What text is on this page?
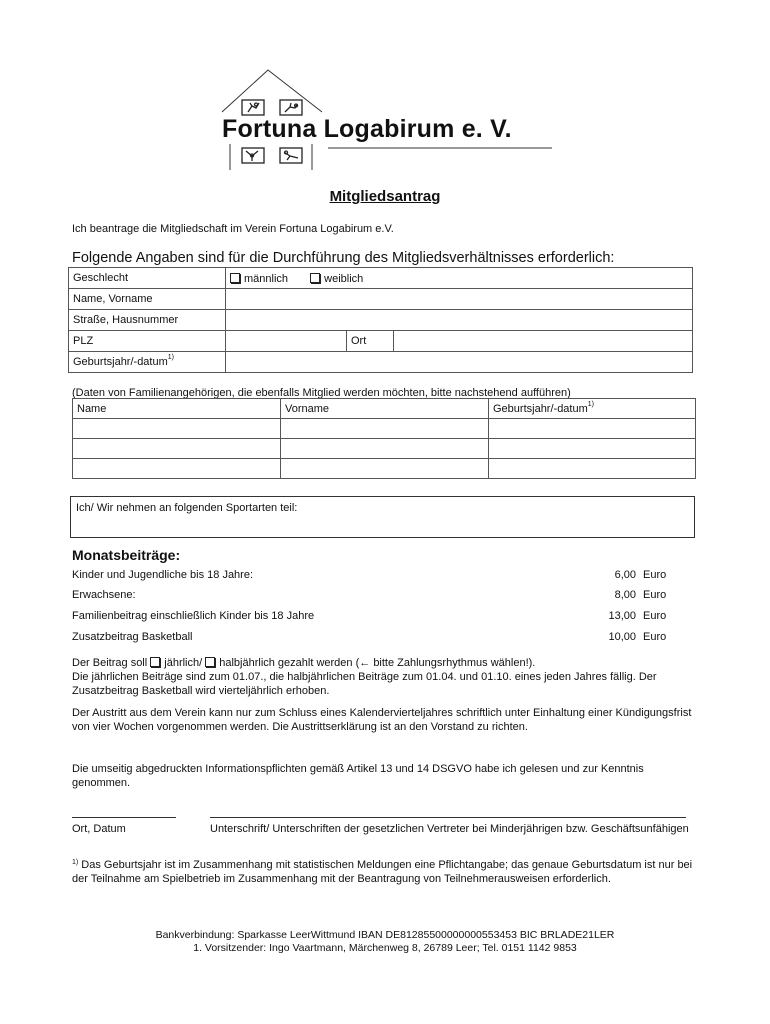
Fortuna Logabirum e. V.
Mitgliedsantrag
Ich beantrage die Mitgliedschaft im Verein Fortuna Logabirum e.V.
Folgende Angaben sind für die Durchführung des Mitgliedsverhältnisses erforderlich:
Geschlecht	männlich weiblich		
Name, Vorname			
Straße, Hausnummer			
PLZ		Ort	
Geburtsjahr/-datum$^{1)}$	
(Daten von Familienangehörigen, die ebenfalls Mitglied werden möchten, bitte nachstehend aufführen)
Name	Vorname	Geburtsjahr/-datum$^{1)}$

Ich/ Wir nehmen an folgenden Sportarten teil:
Monatsbeiträge:
Kinder und Jugendliche bis 18 Jahre:	6,00 Euro
Erwachsene:	8,00 Euro
Familienbeitrag einschließlich Kinder bis 18 Jahre	13,00 Euro
Zusatzbeitrag Basketball	10,00 Euro
Der Beitrag soll jährlich/ halbjährlich gezahlt werden (← bitte Zahlungsrhythmus wählen!).
Die jährlichen Beiträge sind zum 01.07., die halbjährlichen Beiträge zum 01.04. und 01.10. eines jeden Jahres fällig. Der Zusatzbeitrag Basketball wird vierteljährlich erhoben.
Der Austritt aus dem Verein kann nur zum Schluss eines Kalendervierteljahres schriftlich unter Einhaltung einer Kündigungsfrist von vier Wochen vorgenommen werden. Die Austrittserklärung ist an den Vorstand zu richten.
Die umseitig abgedruckten Informationspflichten gemäß Artikel 13 und 14 DSGVO habe ich gelesen und zur Kenntnis genommen.
Ort, Datum	Unterschrift/ Unterschriften der gesetzlichen Vertreter bei Minderjährigen bzw. Geschäftsunfähigen
$^{1)}$ Das Geburtsjahr ist im Zusammenhang mit statistischen Meldungen eine Pflichtangabe; das genaue Geburtsdatum ist nur bei der Teilnahme am Spielbetrieb im Zusammenhang mit der Beantragung von Teilnehmerausweisen erforderlich.
Bankverbindung: Sparkasse LeerWittmund IBAN DE81285500000000553453 BIC BRLADE21LER
1. Vorsitzender: Ingo Vaartmann, Märchenweg 8, 26789 Leer; Tel. 0151 1142 9853
